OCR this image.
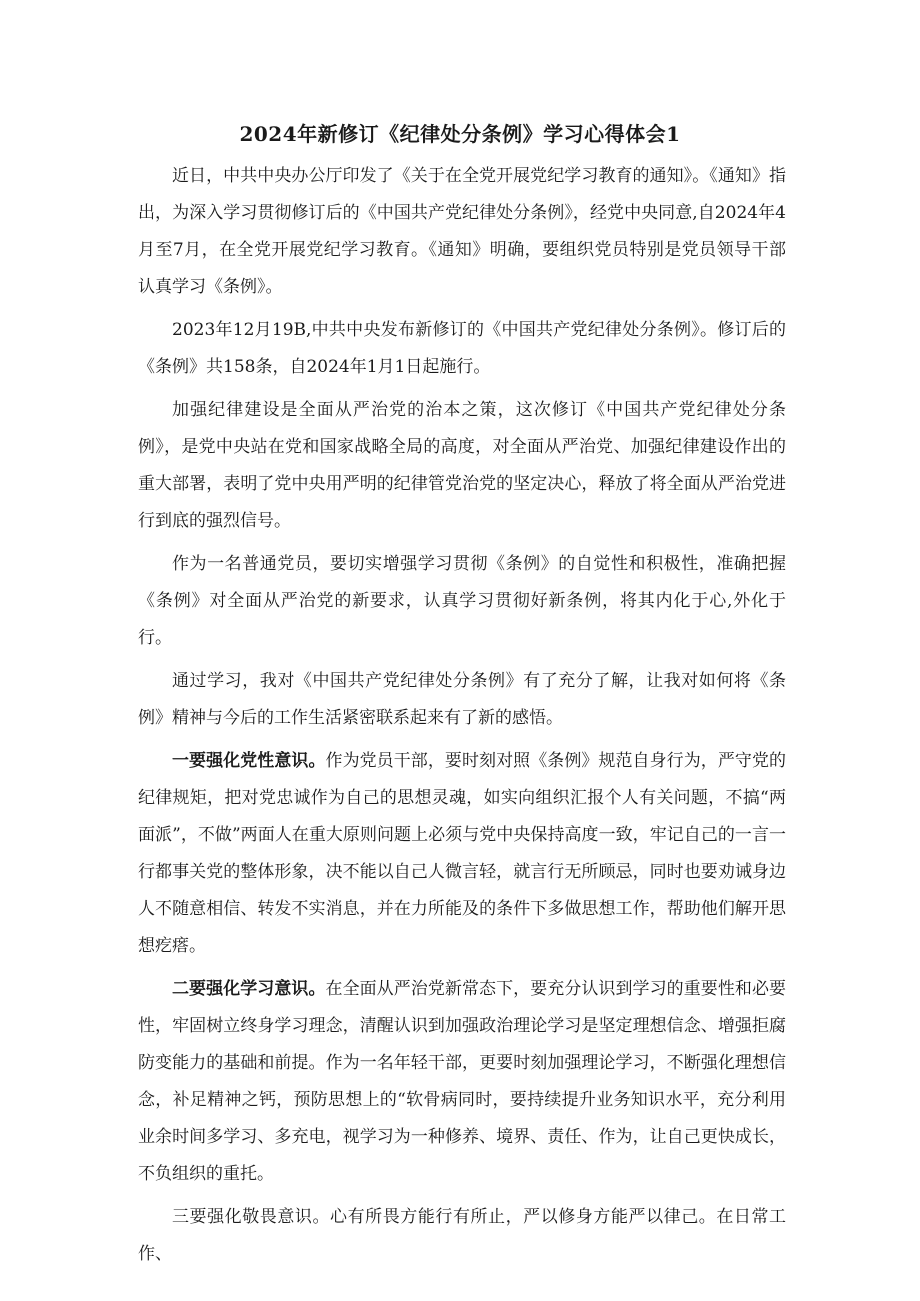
2024年新修订《纪律处分条例》学习心得体会1

近日，中共中央办公厅印发了《关于在全党开展党纪学习教育的通知》。《通知》指出，为深入学习贯彻修订后的《中国共产党纪律处分条例》，经党中央同意,自2024年4月至7月，在全党开展党纪学习教育。《通知》明确，要组织党员特别是党员领导干部认真学习《条例》。

2023年12月19B,中共中央发布新修订的《中国共产党纪律处分条例》。修订后的《条例》共158条，自2024年1月1日起施行。

加强纪律建设是全面从严治党的治本之策，这次修订《中国共产党纪律处分条例》，是党中央站在党和国家战略全局的高度，对全面从严治党、加强纪律建设作出的重大部署，表明了党中央用严明的纪律管党治党的坚定决心，释放了将全面从严治党进行到底的强烈信号。

作为一名普通党员，要切实增强学习贯彻《条例》的自觉性和积极性，准确把握《条例》对全面从严治党的新要求，认真学习贯彻好新条例，将其内化于心,外化于行。

通过学习，我对《中国共产党纪律处分条例》有了充分了解，让我对如何将《条例》精神与今后的工作生活紧密联系起来有了新的感悟。

一要强化党性意识。作为党员干部，要时刻对照《条例》规范自身行为，严守党的纪律规矩，把对党忠诚作为自己的思想灵魂，如实向组织汇报个人有关问题，不搞“两面派”，不做”两面人在重大原则问题上必须与党中央保持高度一致，牢记自己的一言一行都事关党的整体形象，决不能以自己人微言轻，就言行无所顾忌，同时也要劝诫身边人不随意相信、转发不实消息，并在力所能及的条件下多做思想工作，帮助他们解开思想疙瘩。

二要强化学习意识。在全面从严治党新常态下，要充分认识到学习的重要性和必要性，牢固树立终身学习理念，清醒认识到加强政治理论学习是坚定理想信念、增强拒腐防变能力的基础和前提。作为一名年轻干部，更要时刻加强理论学习，不断强化理想信念，补足精神之钙，预防思想上的“软骨病同时，要持续提升业务知识水平，充分利用业余时间多学习、多充电，视学习为一种修养、境界、责任、作为，让自己更快成长，不负组织的重托。

三要强化敬畏意识。心有所畏方能行有所止，严以修身方能严以律己。在日常工作、
